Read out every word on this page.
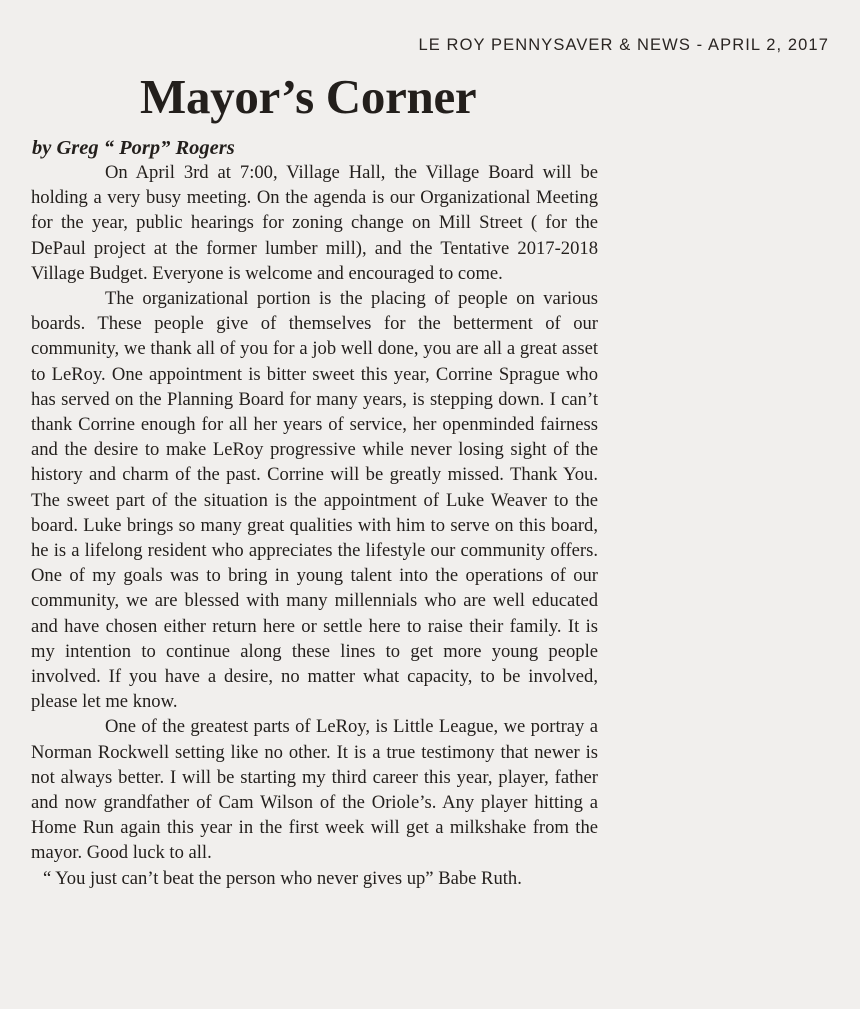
LE ROY PENNYSAVER & NEWS - APRIL 2, 2017
Mayor’s Corner
by Greg “ Porp” Rogers

On April 3rd at 7:00, Village Hall, the Village Board will be holding a very busy meeting. On the agenda is our Organizational Meeting for the year, public hearings for zoning change on Mill Street ( for the DePaul project at the former lumber mill), and the Tentative 2017-2018 Village Budget. Everyone is welcome and encouraged to come.

The organizational portion is the placing of people on various boards. These people give of themselves for the betterment of our community, we thank all of you for a job well done, you are all a great asset to LeRoy. One appointment is bitter sweet this year, Corrine Sprague who has served on the Planning Board for many years, is stepping down. I can’t thank Corrine enough for all her years of service, her openminded fairness and the desire to make LeRoy progressive while never losing sight of the history and charm of the past. Corrine will be greatly missed. Thank You. The sweet part of the situation is the appointment of Luke Weaver to the board. Luke brings so many great qualities with him to serve on this board, he is a lifelong resident who appreciates the lifestyle our community offers. One of my goals was to bring in young talent into the operations of our community, we are blessed with many millennials who are well educated and have chosen either return here or settle here to raise their family. It is my intention to continue along these lines to get more young people involved. If you have a desire, no matter what capacity, to be involved, please let me know.

One of the greatest parts of LeRoy, is Little League, we portray a Norman Rockwell setting like no other. It is a true testimony that newer is not always better. I will be starting my third career this year, player, father and now grandfather of Cam Wilson of the Oriole’s. Any player hitting a Home Run again this year in the first week will get a milkshake from the mayor. Good luck to all.

“ You just can’t beat the person who never gives up” Babe Ruth.
